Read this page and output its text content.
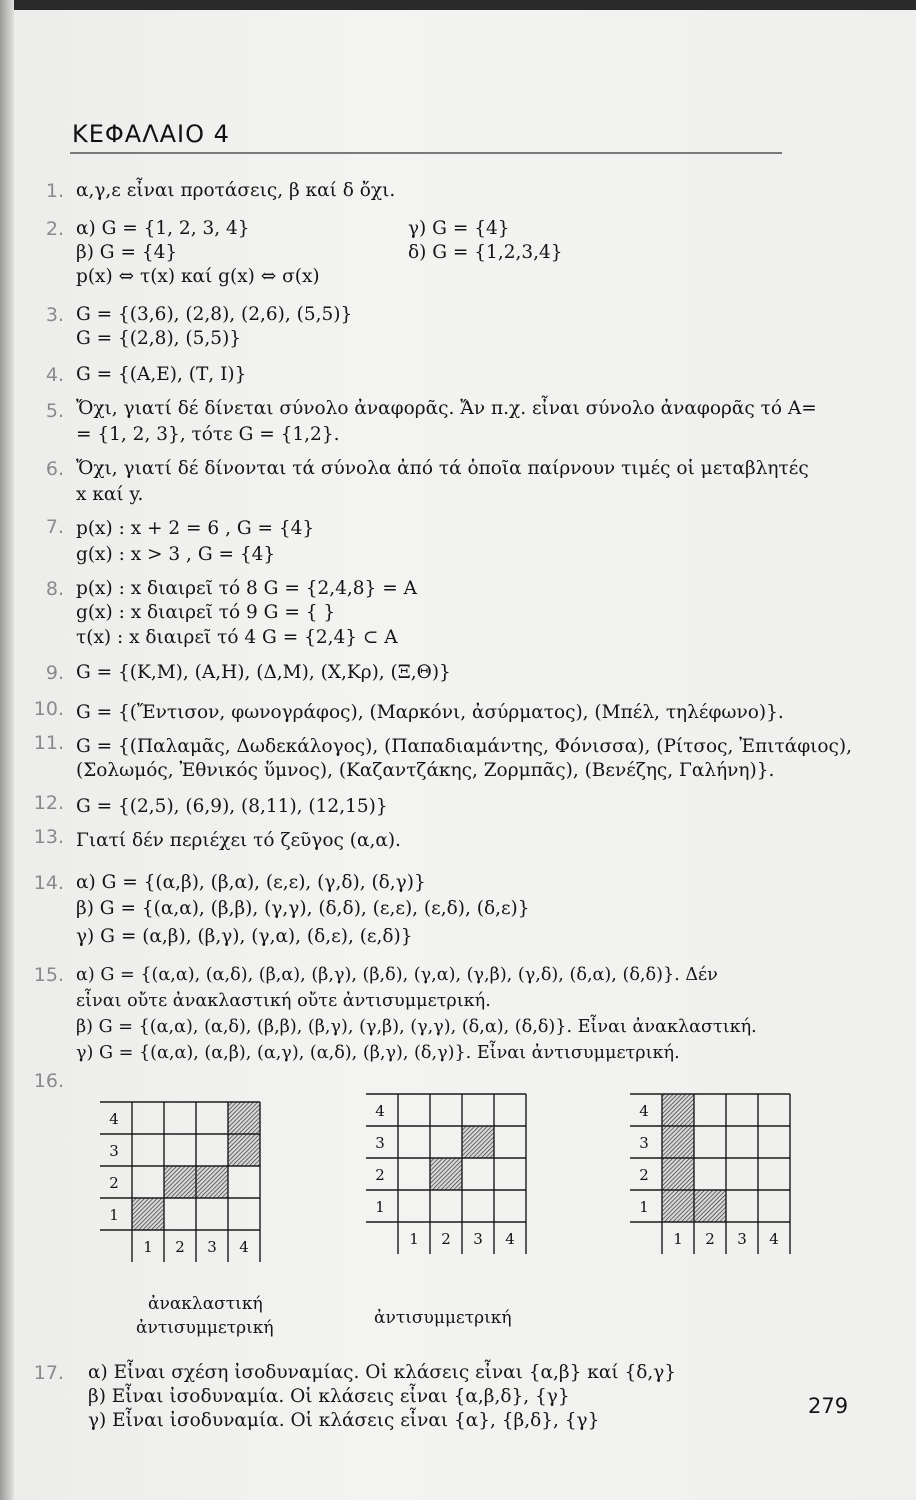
ΚΕΦΑΛΑΙΟ 4
1. α,γ,ε εἶναι προτάσεις, β καί δ ὄχι.
2. α) G = {1, 2, 3, 4}
β) G = {4}
p(x) ⇔ τ(x) καί g(x) ⇔ σ(x)
γ) G = {4}
δ) G = {1,2,3,4}
3. G = {(3,6), (2,8), (2,6), (5,5)}
G = {(2,8), (5,5)}
4. G = {(Α,Ε), (Τ, Ι)}
5. Ὄχι, γιατί δέ δίνεται σύνολο ἀναφορᾶς. Ἄν π.χ. εἶναι σύνολο ἀναφορᾶς τό Α=
= {1, 2, 3}, τότε G = {1,2}.
6. Ὄχι, γιατί δέ δίνονται τά σύνολα ἀπό τά ὁποῖα παίρνουν τιμές οἱ μεταβλητές
x καί y.
7. p(x) : x + 2 = 6 , G = {4}
g(x) : x > 3 , G = {4}
8. p(x) : x διαιρεῖ τό 8 G = {2,4,8} = A
g(x) : x διαιρεῖ τό 9 G = { }
τ(x) : x διαιρεῖ τό 4 G = {2,4} ⊂ A
9. G = {(Κ,Μ), (Α,Η), (Δ,Μ), (Χ,Κρ), (Ξ,Θ)}
10. G = {(Ἔντισον, φωνογράφος), (Μαρκόνι, ἀσύρματος), (Μπέλ, τηλέφωνο)}.
11. G = {(Παλαμᾶς, Δωδεκάλογος), (Παπαδιαμάντης, Φόνισσα), (Ρίτσος, Ἐπιτάφιος),
(Σολωμός, Ἐθνικός ὕμνος), (Καζαντζάκης, Ζορμπᾶς), (Βενέζης, Γαλήνη)}.
12. G = {(2,5), (6,9), (8,11), (12,15)}
13. Γιατί δέν περιέχει τό ζεῦγος (α,α).
14. α) G = {(α,β), (β,α), (ε,ε), (γ,δ), (δ,γ)}
β) G = {(α,α), (β,β), (γ,γ), (δ,δ), (ε,ε), (ε,δ), (δ,ε)}
γ) G = (α,β), (β,γ), (γ,α), (δ,ε), (ε,δ)}
15. α) G = {(α,α), (α,δ), (β,α), (β,γ), (β,δ), (γ,α), (γ,β), (γ,δ), (δ,α), (δ,δ)}. Δέν
εἶναι οὔτε ἀνακλαστική οὔτε ἀντισυμμετρική.
β) G = {(α,α), (α,δ), (β,β), (β,γ), (γ,β), (γ,γ), (δ,α), (δ,δ)}. Εἶναι ἀνακλαστική.
γ) G = {(α,α), (α,β), (α,γ), (α,δ), (β,γ), (δ,γ)}. Εἶναι ἀντισυμμετρική.
16.
4
3
2
1
1 2 3 4
ἀνακλαστική
ἀντισυμμετρική
4
3
2
1
1 2 3 4
ἀντισυμμετρική
4
3
2
1
1 2 3 4
17. α) Εἶναι σχέση ἰσοδυναμίας. Οἱ κλάσεις εἶναι {α,β} καί {δ,γ}
β) Εἶναι ἰσοδυναμία. Οἱ κλάσεις εἶναι {α,β,δ}, {γ}
γ) Εἶναι ἰσοδυναμία. Οἱ κλάσεις εἶναι {α}, {β,δ}, {γ}
279
